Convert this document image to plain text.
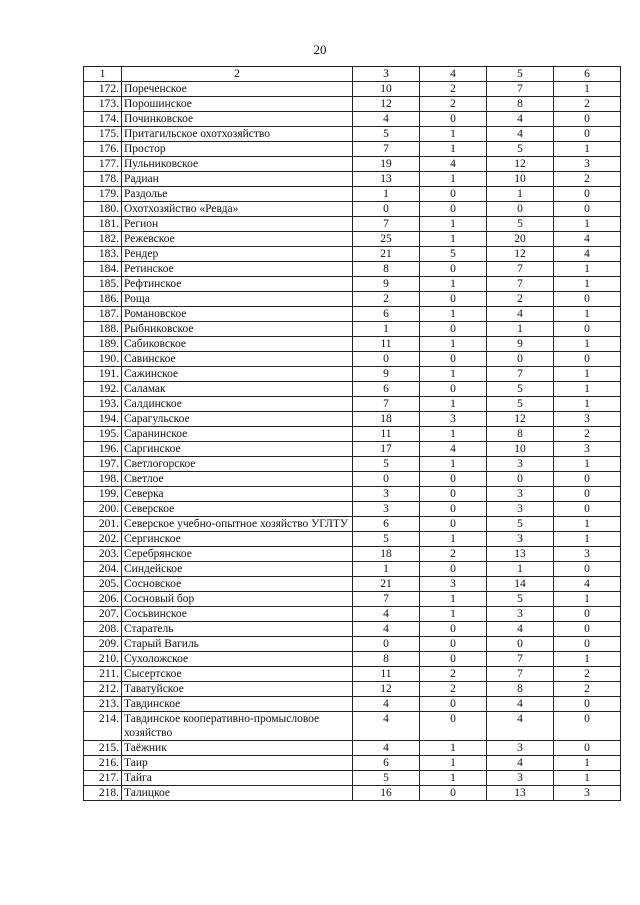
20
1	2	3	4	5	6
172.	Пореченское	10	2	7	1
173.	Порошинское	12	2	8	2
174.	Починковское	4	0	4	0
175.	Притагильское охотхозяйство	5	1	4	0
176.	Простор	7	1	5	1
177.	Пульниковское	19	4	12	3
178.	Радиан	13	1	10	2
179.	Раздолье	1	0	1	0
180.	Охотхозяйство «Ревда»	0	0	0	0
181.	Регион	7	1	5	1
182.	Режевское	25	1	20	4
183.	Рендер	21	5	12	4
184.	Ретинское	8	0	7	1
185.	Рефтинское	9	1	7	1
186.	Роща	2	0	2	0
187.	Романовское	6	1	4	1
188.	Рыбниковское	1	0	1	0
189.	Сабиковское	11	1	9	1
190.	Савинское	0	0	0	0
191.	Сажинское	9	1	7	1
192.	Саламак	6	0	5	1
193.	Салдинское	7	1	5	1
194.	Сарагульское	18	3	12	3
195.	Саранинское	11	1	8	2
196.	Саргинское	17	4	10	3
197.	Светлогорское	5	1	3	1
198.	Светлое	0	0	0	0
199.	Северка	3	0	3	0
200.	Северское	3	0	3	0
201.	Северское учебно-опытное хозяйство УГЛТУ	6	0	5	1
202.	Сергинское	5	1	3	1
203.	Серебрянское	18	2	13	3
204.	Синдейское	1	0	1	0
205.	Сосновское	21	3	14	4
206.	Сосновый бор	7	1	5	1
207.	Сосьвинское	4	1	3	0
208.	Старатель	4	0	4	0
209.	Старый Вагиль	0	0	0	0
210.	Сухоложское	8	0	7	1
211.	Сысертское	11	2	7	2
212.	Таватуйское	12	2	8	2
213.	Тавдинское	4	0	4	0
214.	Тавдинское кооперативно-промысловое хозяйство	4	0	4	0
215.	Таёжник	4	1	3	0
216.	Таир	6	1	4	1
217.	Тайга	5	1	3	1
218.	Талицкое	16	0	13	3
